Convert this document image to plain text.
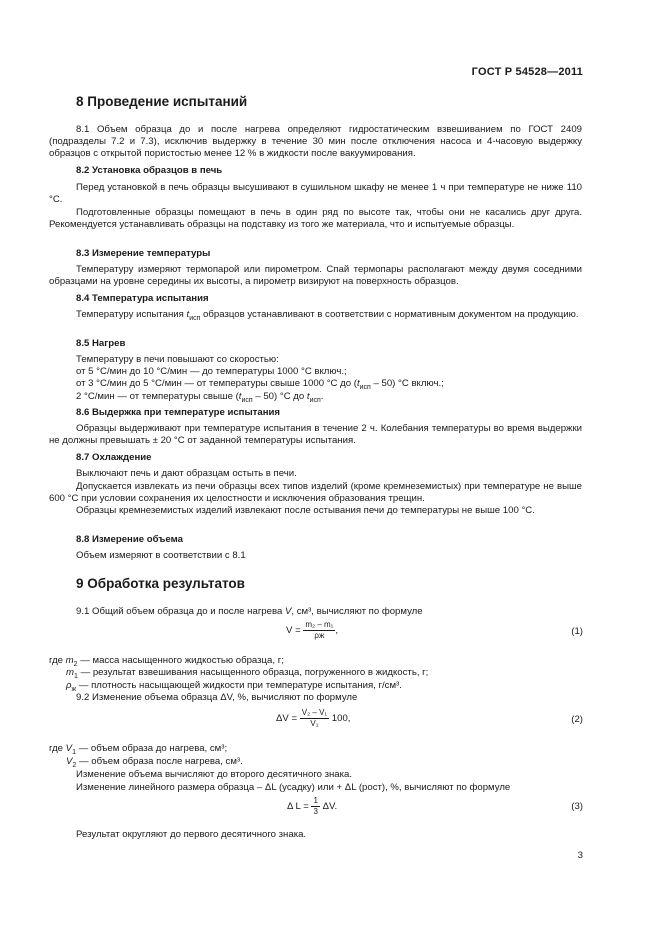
ГОСТ Р 54528—2011
8 Проведение испытаний
8.1 Объем образца до и после нагрева определяют гидростатическим взвешиванием по ГОСТ 2409 (подразделы 7.2 и 7.3), исключив выдержку в течение 30 мин после отключения насоса и 4-часовую выдержку образцов с открытой пористостью менее 12 % в жидкости после вакуумирования.
8.2 Установка образцов в печь
Перед установкой в печь образцы высушивают в сушильном шкафу не менее 1 ч при температуре не ниже 110 °C.
Подготовленные образцы помещают в печь в один ряд по высоте так, чтобы они не касались друг друга. Рекомендуется устанавливать образцы на подставку из того же материала, что и испытуемые образцы.
8.3 Измерение температуры
Температуру измеряют термопарой или пирометром. Спай термопары располагают между двумя соседними образцами на уровне середины их высоты, а пирометр визируют на поверхность образцов.
8.4 Температура испытания
Температуру испытания $t_{исп}$ образцов устанавливают в соответствии с нормативным документом на продукцию.
8.5 Нагрев
Температуру в печи повышают со скоростью:
от 5 °C/мин до 10 °C/мин — до температуры 1000 °C включ.;
от 3 °C/мин до 5 °C/мин — от температуры свыше 1000 °C до $(t_{исп} - 50)$ °C включ.;
2 °C/мин — от температуры свыше $(t_{исп} - 50)$ °C до $t_{исп}$.
8.6 Выдержка при температуре испытания
Образцы выдерживают при температуре испытания в течение 2 ч. Колебания температуры во время выдержки не должны превышать ± 20 °C от заданной температуры испытания.
8.7 Охлаждение
Выключают печь и дают образцам остыть в печи.
Допускается извлекать из печи образцы всех типов изделий (кроме кремнеземистых) при температуре не выше 600 °C при условии сохранения их целостности и исключения образования трещин.
Образцы кремнеземистых изделий извлекают после остывания печи до температуры не выше 100 °C.
8.8 Измерение объема
Объем измеряют в соответствии с 8.1
9 Обработка результатов
9.1 Общий объем образца до и после нагрева V, см³, вычисляют по формуле
$V = \frac{\text{m₂ – m₁}}{\rho ж}$ ,	(1)
где $m_2$ — масса насыщенного жидкостью образца, г;
$m_1$ — результат взвешивания насыщенного образца, погруженного в жидкость, г;
$\rho_ж$ — плотность насыщающей жидкости при температуре испытания, г/см³.
9.2 Изменение объема образца ΔV, %, вычисляют по формуле
$\Delta V = \frac{\text{V₂ – V₁}}{\text{V₁}} 100$,	(2)
где $V_1$ — объем образа до нагрева, см³;
$V_2$ — объем образа после нагрева, см³.
Изменение объема вычисляют до второго десятичного знака.
Изменение линейного размера образца – ΔL (усадку) или + ΔL (рост), %, вычисляют по формуле
Δ $L = \frac{1}{3} \Delta V$.	(3)
Результат округляют до первого десятичного знака.
3
